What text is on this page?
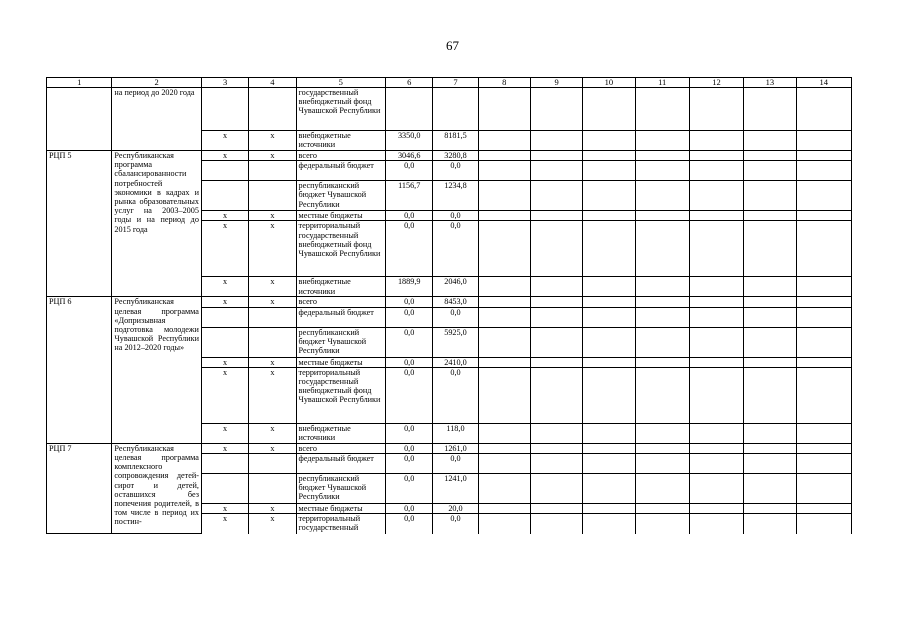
67
1	2	3	4	5	6	7	8	9	10	11	12	13	14
	на период до 2020 года			государственный внебюджетный фонд Чувашской Республики									
		х	х	внебюджетные источники	3350,0	8181,5							
РЦП 5	Республиканская программа сбалансированности потребностей экономики в кадрах и рынка образовательных услуг на 2003–2005 годы и на период до 2015 года	х	х	всего	3046,6	3280,8							
				федеральный бюджет	0,0	0,0							
				республиканский бюджет Чувашской Республики	1156,7	1234,8							
		х	х	местные бюджеты	0,0	0,0							
		х	х	территориальный государственный внебюджетный фонд Чувашской Республики	0,0	0,0							
		х	х	внебюджетные источники	1889,9	2046,0							
РЦП 6	Республиканская целевая программа «Допризывная подготовка молодежи Чувашской Республики на 2012–2020 годы»	х	х	всего	0,0	8453,0							
				федеральный бюджет	0,0	0,0							
				республиканский бюджет Чувашской Республики	0,0	5925,0							
		х	х	местные бюджеты	0,0	2410,0							
		х	х	территориальный государственный внебюджетный фонд Чувашской Республики	0,0	0,0							
		х	х	внебюджетные источники	0,0	118,0							
РЦП 7	Республиканская целевая программа комплексного сопровождения детей-сирот и детей, оставшихся без попечения родителей, в том числе в период их постин-	х	х	всего	0,0	1261,0							
				федеральный бюджет	0,0	0,0							
				республиканский бюджет Чувашской Республики	0,0	1241,0							
		х	х	местные бюджеты	0,0	20,0							
		х	х	территориальный государственный	0,0	0,0							
